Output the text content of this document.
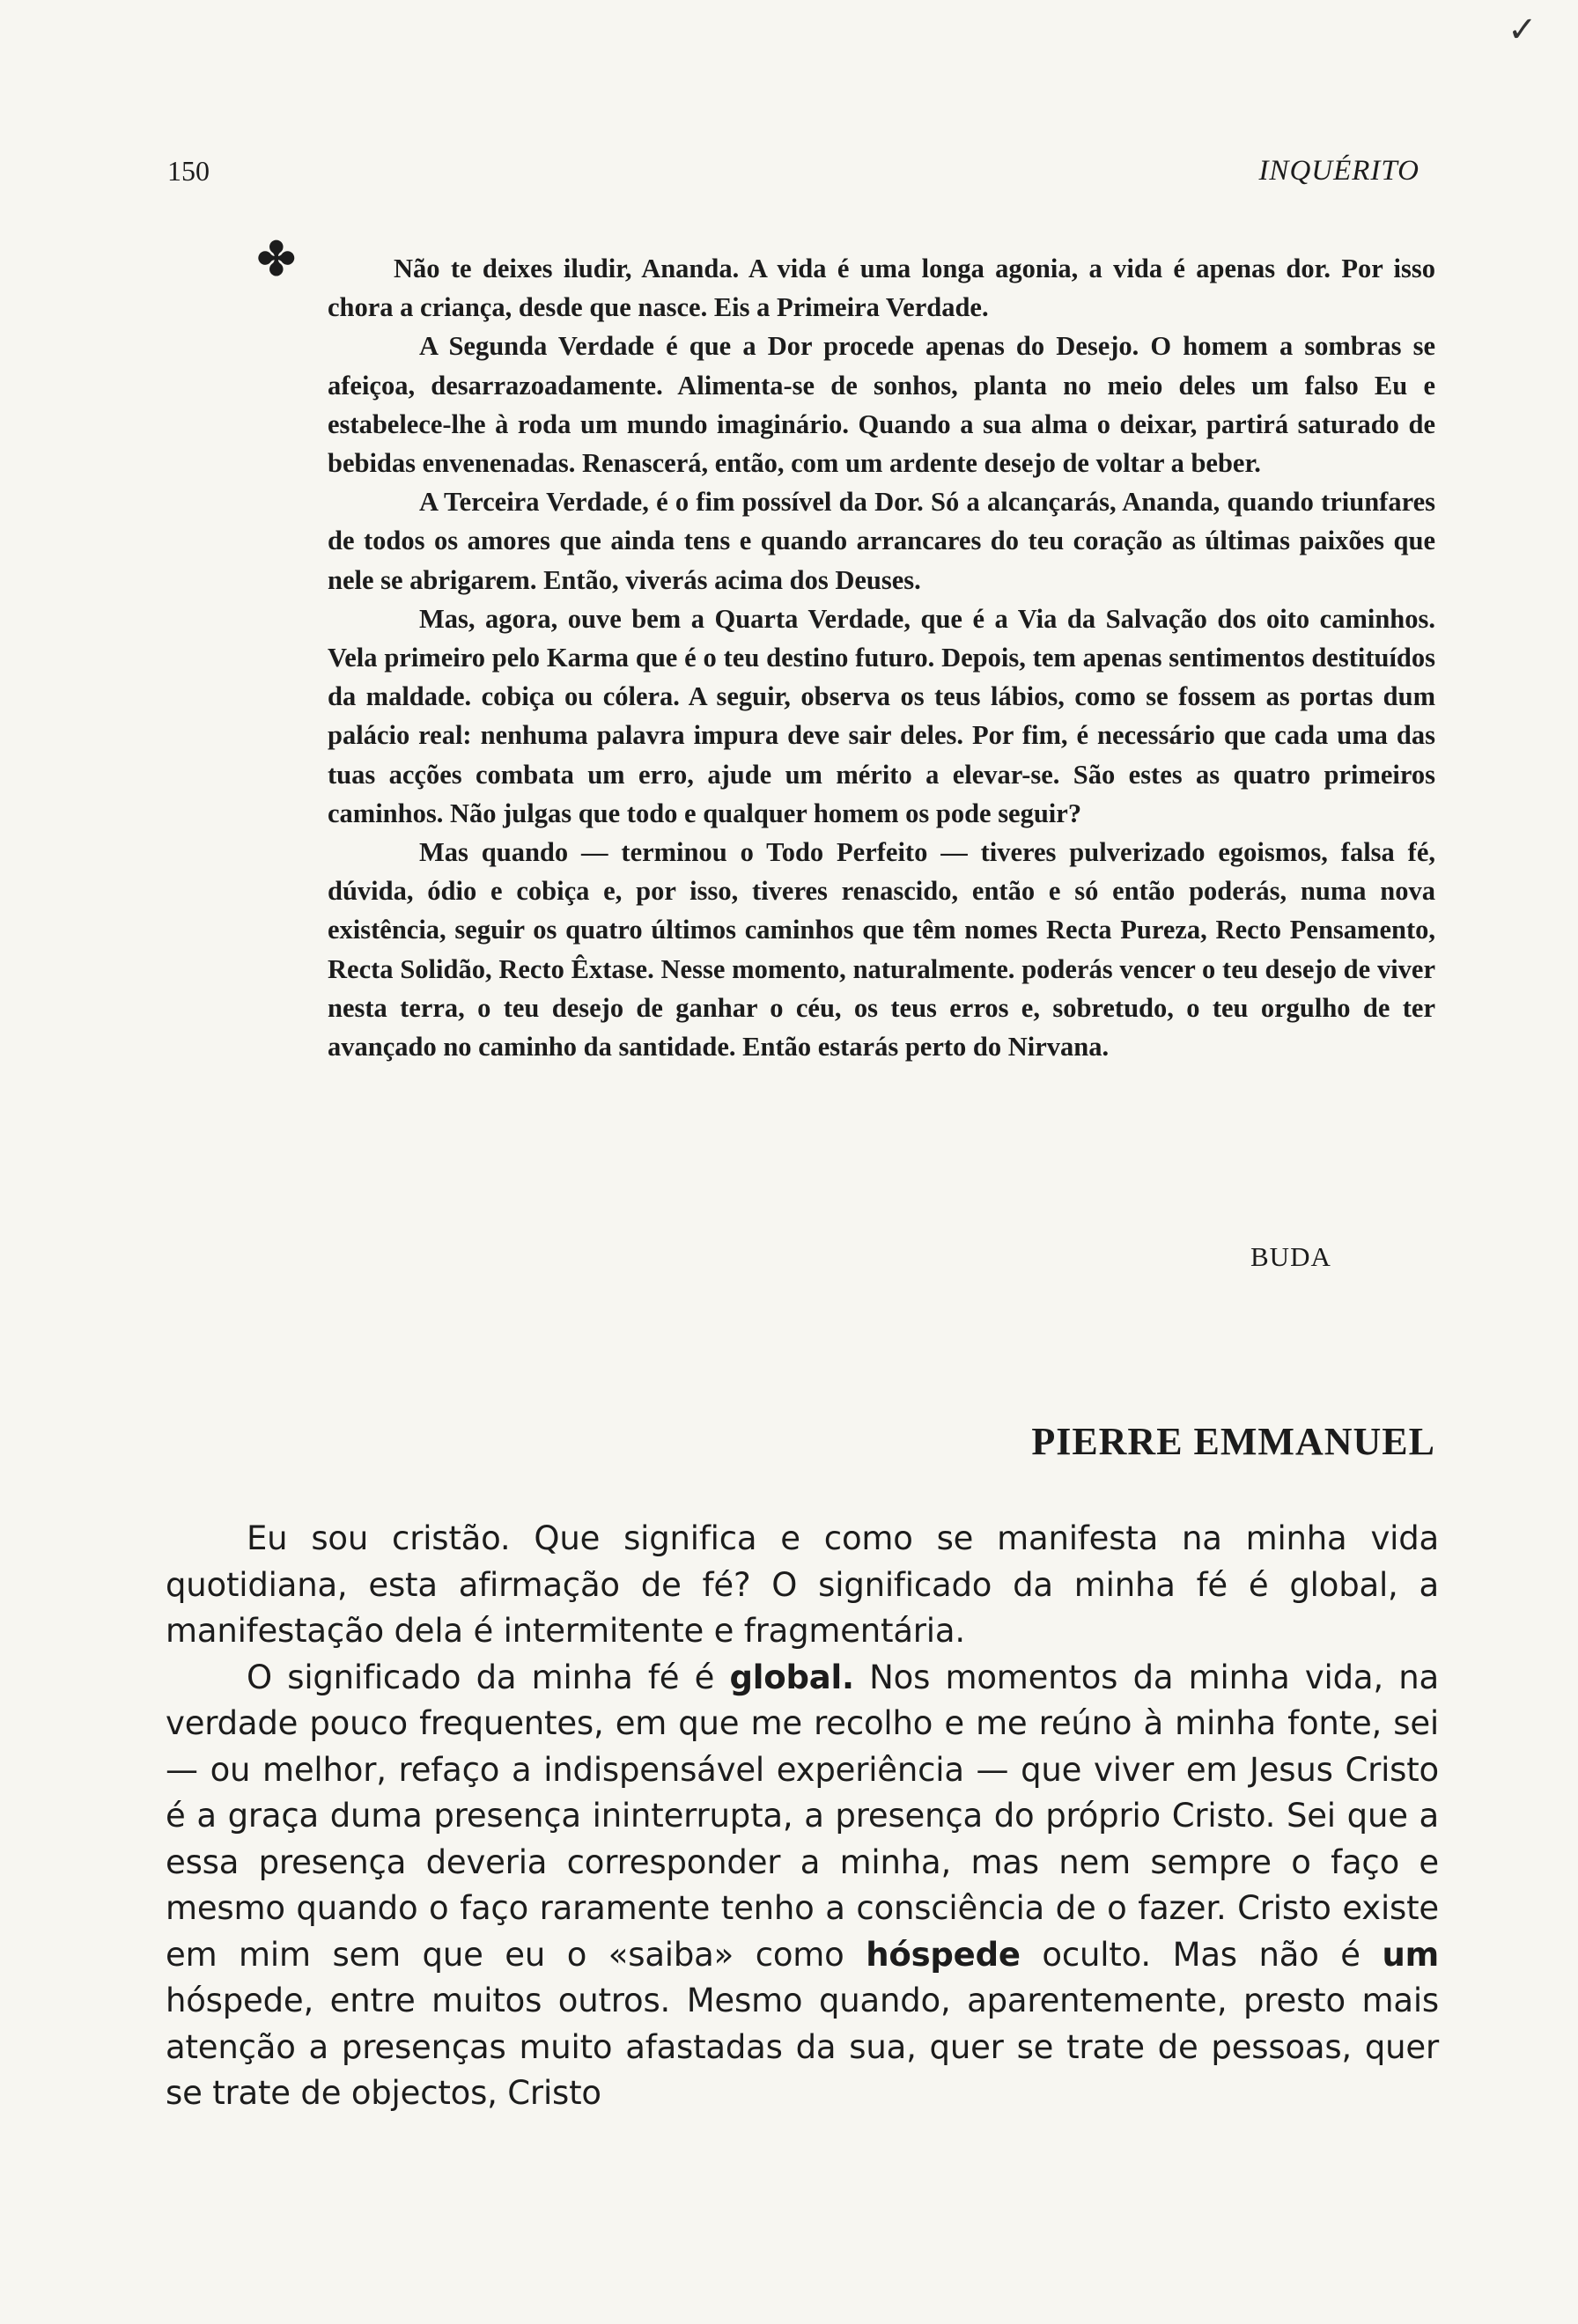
✓
150	INQUÉRITO
✤	Não te deixes iludir, Ananda. A vida é uma longa agonia, a vida é apenas dor. Por isso chora a criança, desde que nasce. Eis a Primeira Verdade.

A Segunda Verdade é que a Dor procede apenas do Desejo. O homem a sombras se afeiçoa, desarrazoadamente. Alimenta-se de sonhos, planta no meio deles um falso Eu e estabelece-lhe à roda um mundo imaginário. Quando a sua alma o deixar, partirá saturado de bebidas envenenadas. Renascerá, então, com um ardente desejo de voltar a beber.

A Terceira Verdade, é o fim possível da Dor. Só a alcançarás, Ananda, quando triunfares de todos os amores que ainda tens e quando arrancares do teu coração as últimas paixões que nele se abrigarem. Então, viverás acima dos Deuses.

Mas, agora, ouve bem a Quarta Verdade, que é a Via da Salvação dos oito caminhos. Vela primeiro pelo Karma que é o teu destino futuro. Depois, tem apenas sentimentos destituídos da maldade. cobiça ou cólera. A seguir, observa os teus lábios, como se fossem as portas dum palácio real: nenhuma palavra impura deve sair deles. Por fim, é necessário que cada uma das tuas acções combata um erro, ajude um mérito a elevar-se. São estes as quatro primeiros caminhos. Não julgas que todo e qualquer homem os pode seguir?

Mas quando — terminou o Todo Perfeito — tiveres pulverizado egoismos, falsa fé, dúvida, ódio e cobiça e, por isso, tiveres renascido, então e só então poderás, numa nova existência, seguir os quatro últimos caminhos que têm nomes Recta Pureza, Recto Pensamento, Recta Solidão, Recto Êxtase. Nesse momento, naturalmente. poderás vencer o teu desejo de viver nesta terra, o teu desejo de ganhar o céu, os teus erros e, sobretudo, o teu orgulho de ter avançado no caminho da santidade. Então estarás perto do Nirvana.

BUDA
PIERRE EMMANUEL

Eu sou cristão. Que significa e como se manifesta na minha vida quotidiana, esta afirmação de fé? O significado da minha fé é global, a manifestação dela é intermitente e fragmentária.

O significado da minha fé é global. Nos momentos da minha vida, na verdade pouco frequentes, em que me recolho e me reúno à minha fonte, sei — ou melhor, refaço a indispensável experiência — que viver em Jesus Cristo é a graça duma presença ininterrupta, a presença do próprio Cristo. Sei que a essa presença deveria corresponder a minha, mas nem sempre o faço e mesmo quando o faço raramente tenho a consciência de o fazer. Cristo existe em mim sem que eu o «saiba» como hóspede oculto. Mas não é um hóspede, entre muitos outros. Mesmo quando, aparentemente, presto mais atenção a presenças muito afastadas da sua, quer se trate de pessoas, quer se trate de objectos, Cristo
